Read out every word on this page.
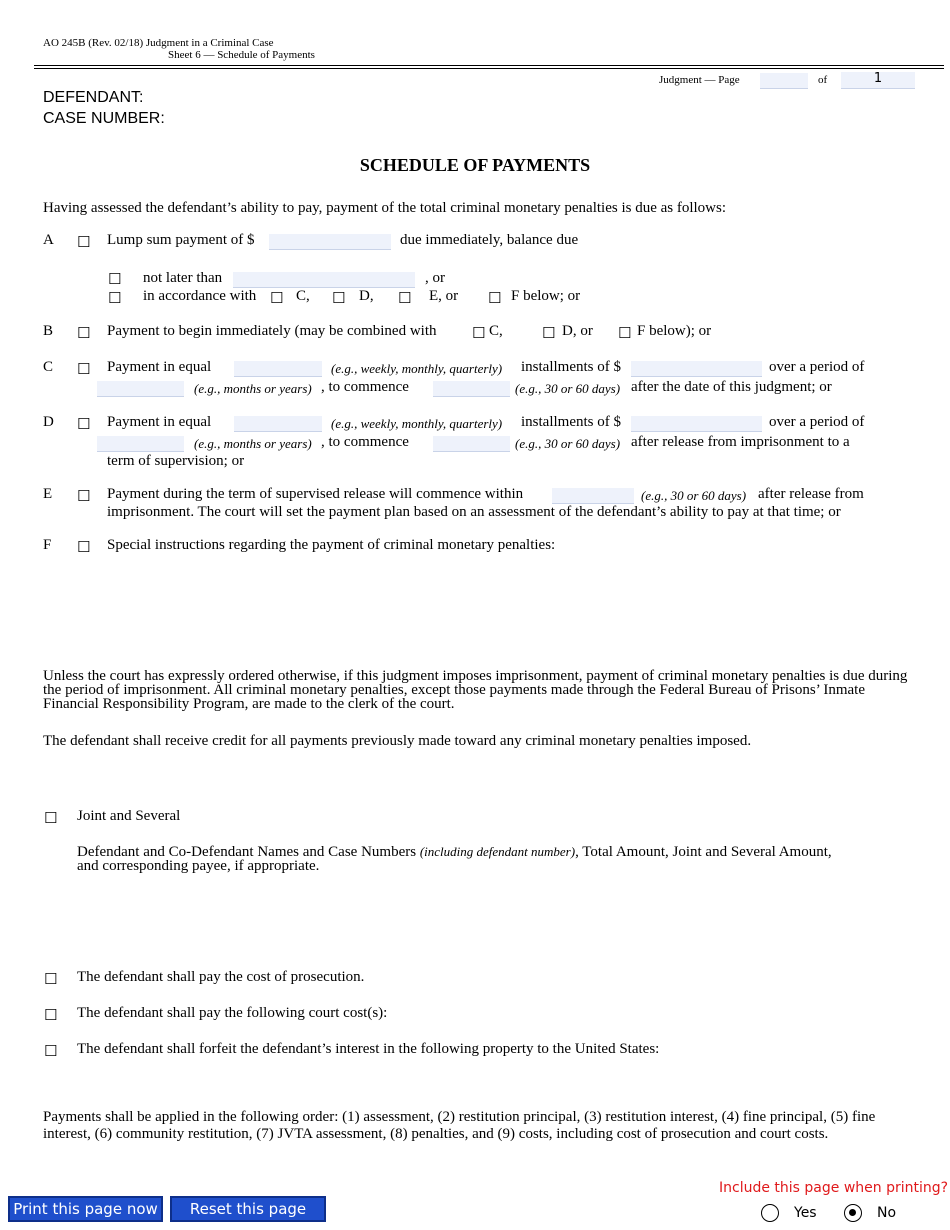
AO 245B (Rev. 02/18) Judgment in a Criminal Case
Sheet 6 — Schedule of Payments
Judgment — Page	of	1
DEFENDANT:
CASE NUMBER:
SCHEDULE OF PAYMENTS
Having assessed the defendant’s ability to pay, payment of the total criminal monetary penalties is due as follows:
A ☐ Lump sum payment of $	due immediately, balance due
☐ not later than	, or
☐ in accordance with ☐ C, ☐ D, ☐ E, or ☐ F below; or
B ☐ Payment to begin immediately (may be combined with ☐ C,	☐ D, or ☐ F below); or
C ☐ Payment in equal	(e.g., weekly, monthly, quarterly) installments of $	over a period of
(e.g., months or years) , to commence	(e.g., 30 or 60 days) after the date of this judgment; or
D ☐ Payment in equal	(e.g., weekly, monthly, quarterly) installments of $	over a period of
(e.g., months or years) , to commence	(e.g., 30 or 60 days) after release from imprisonment to a
term of supervision; or
E ☐ Payment during the term of supervised release will commence within	(e.g., 30 or 60 days) after release from
imprisonment. The court will set the payment plan based on an assessment of the defendant’s ability to pay at that time; or
F ☐ Special instructions regarding the payment of criminal monetary penalties:
Unless the court has expressly ordered otherwise, if this judgment imposes imprisonment, payment of criminal monetary penalties is due during
the period of imprisonment. All criminal monetary penalties, except those payments made through the Federal Bureau of Prisons’ Inmate
Financial Responsibility Program, are made to the clerk of the court.
The defendant shall receive credit for all payments previously made toward any criminal monetary penalties imposed.
☐ Joint and Several
Defendant and Co-Defendant Names and Case Numbers (including defendant number), Total Amount, Joint and Several Amount,
and corresponding payee, if appropriate.
☐ The defendant shall pay the cost of prosecution.
☐ The defendant shall pay the following court cost(s):
☐ The defendant shall forfeit the defendant’s interest in the following property to the United States:
Payments shall be applied in the following order: (1) assessment, (2) restitution principal, (3) restitution interest, (4) fine principal, (5) fine
interest, (6) community restitution, (7) JVTA assessment, (8) penalties, and (9) costs, including cost of prosecution and court costs.
Print this page now	Reset this page
Include this page when printing?
Yes	No
